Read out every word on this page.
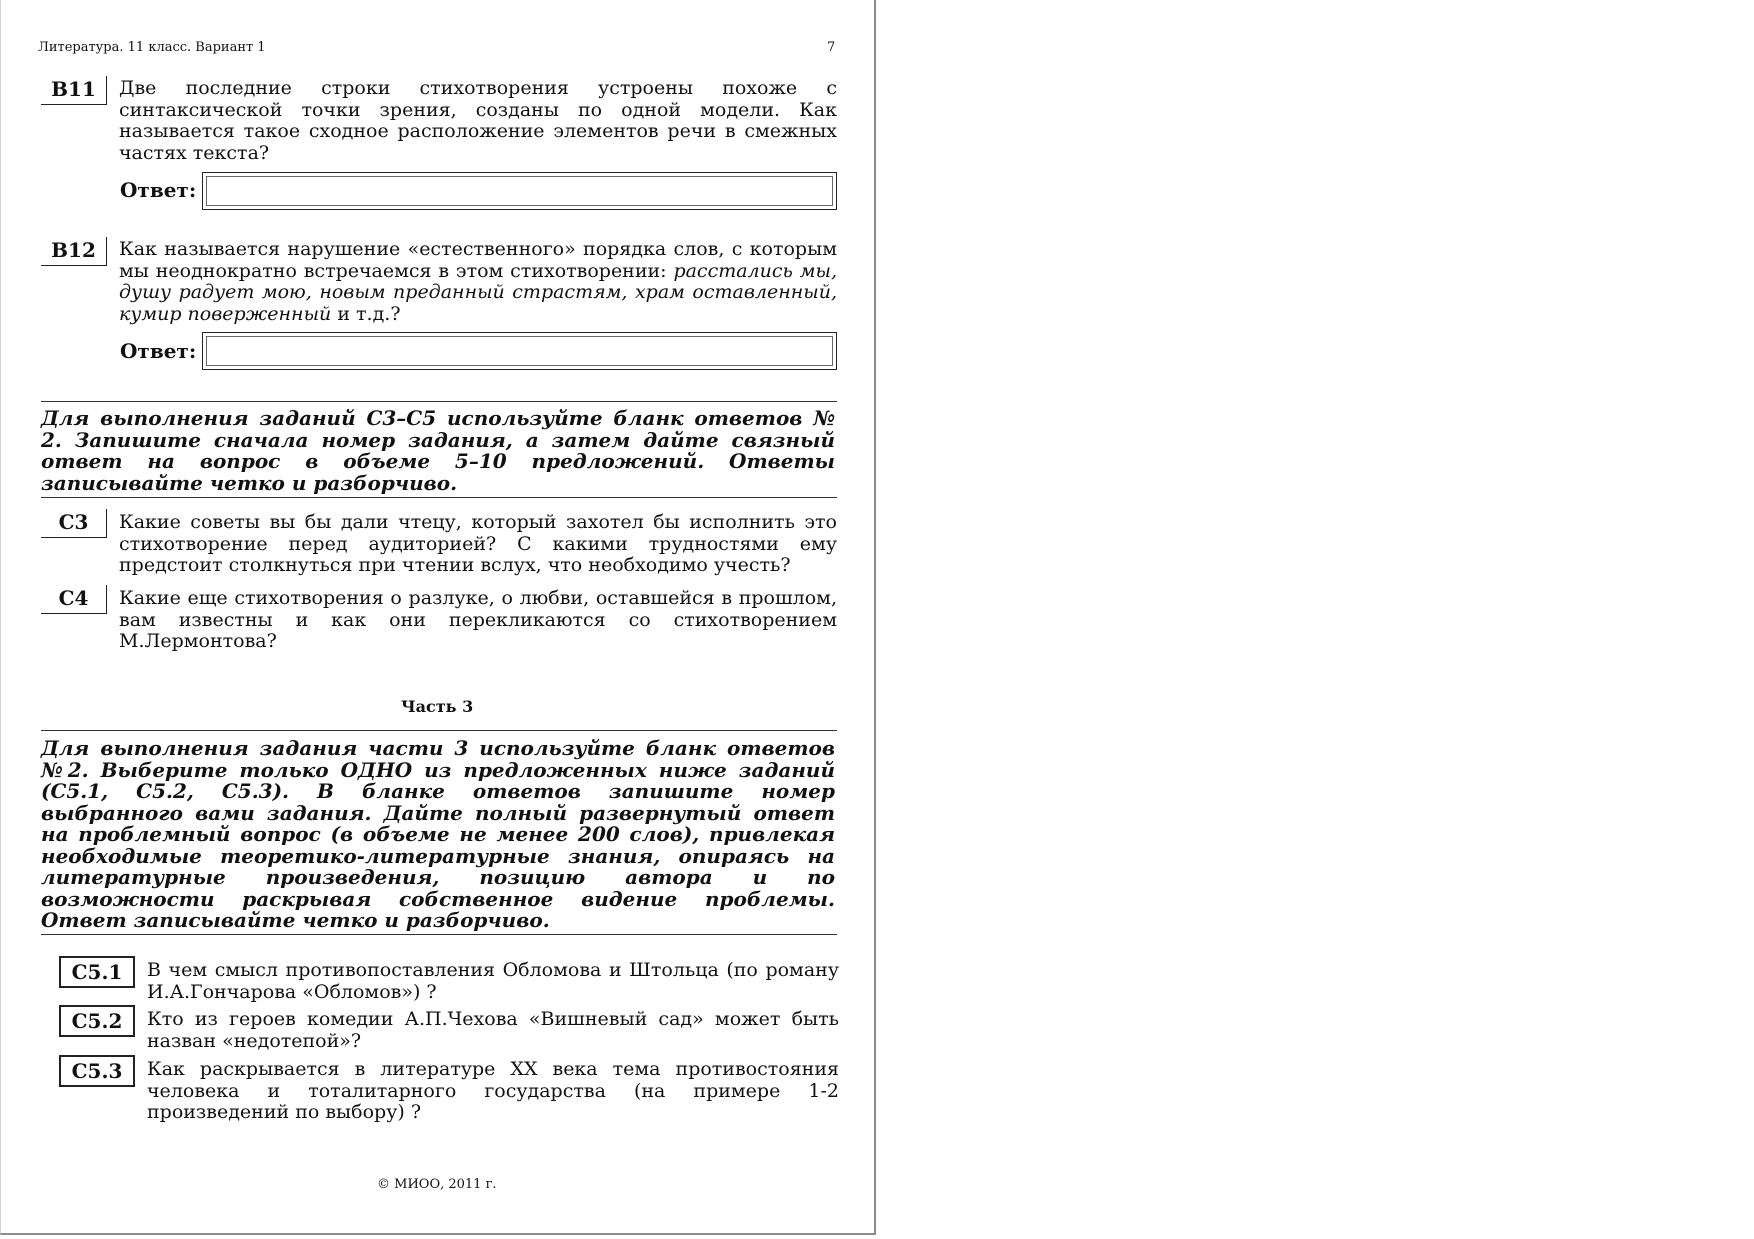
Литература. 11 класс. Вариант 1	7
B11	Две последние строки стихотворения устроены похоже с синтаксической точки зрения, созданы по одной модели. Как называется такое сходное расположение элементов речи в смежных частях текста?
Ответ:
B12	Как называется нарушение «естественного» порядка слов, с которым мы неоднократно встречаемся в этом стихотворении: расстались мы, душу радует мою, новым преданный страстям, храм оставленный, кумир поверженный и т.д.?
Ответ:
Для выполнения заданий С3–С5 используйте бланк ответов № 2. Запишите сначала номер задания, а затем дайте связный ответ на вопрос в объеме 5–10 предложений. Ответы записывайте четко и разборчиво.
С3	Какие советы вы бы дали чтецу, который захотел бы исполнить это стихотворение перед аудиторией? С какими трудностями ему предстоит столкнуться при чтении вслух, что необходимо учесть?
С4	Какие еще стихотворения о разлуке, о любви, оставшейся в прошлом, вам известны и как они перекликаются со стихотворением М.Лермонтова?
Часть 3
Для выполнения задания части 3 используйте бланк ответов №2. Выберите только ОДНО из предложенных ниже заданий (С5.1, С5.2, С5.3). В бланке ответов запишите номер выбранного вами задания. Дайте полный развернутый ответ на проблемный вопрос (в объеме не менее 200 слов), привлекая необходимые теоретико-литературные знания, опираясь на литературные произведения, позицию автора и по возможности раскрывая собственное видение проблемы. Ответ записывайте четко и разборчиво.
С5.1	В чем смысл противопоставления Обломова и Штольца (по роману И.А.Гончарова «Обломов») ?
С5.2	Кто из героев комедии А.П.Чехова «Вишневый сад» может быть назван «недотепой»?
С5.3	Как раскрывается в литературе XX века тема противостояния человека и тоталитарного государства (на примере 1-2 произведений по выбору) ?
© МИОО, 2011 г.
